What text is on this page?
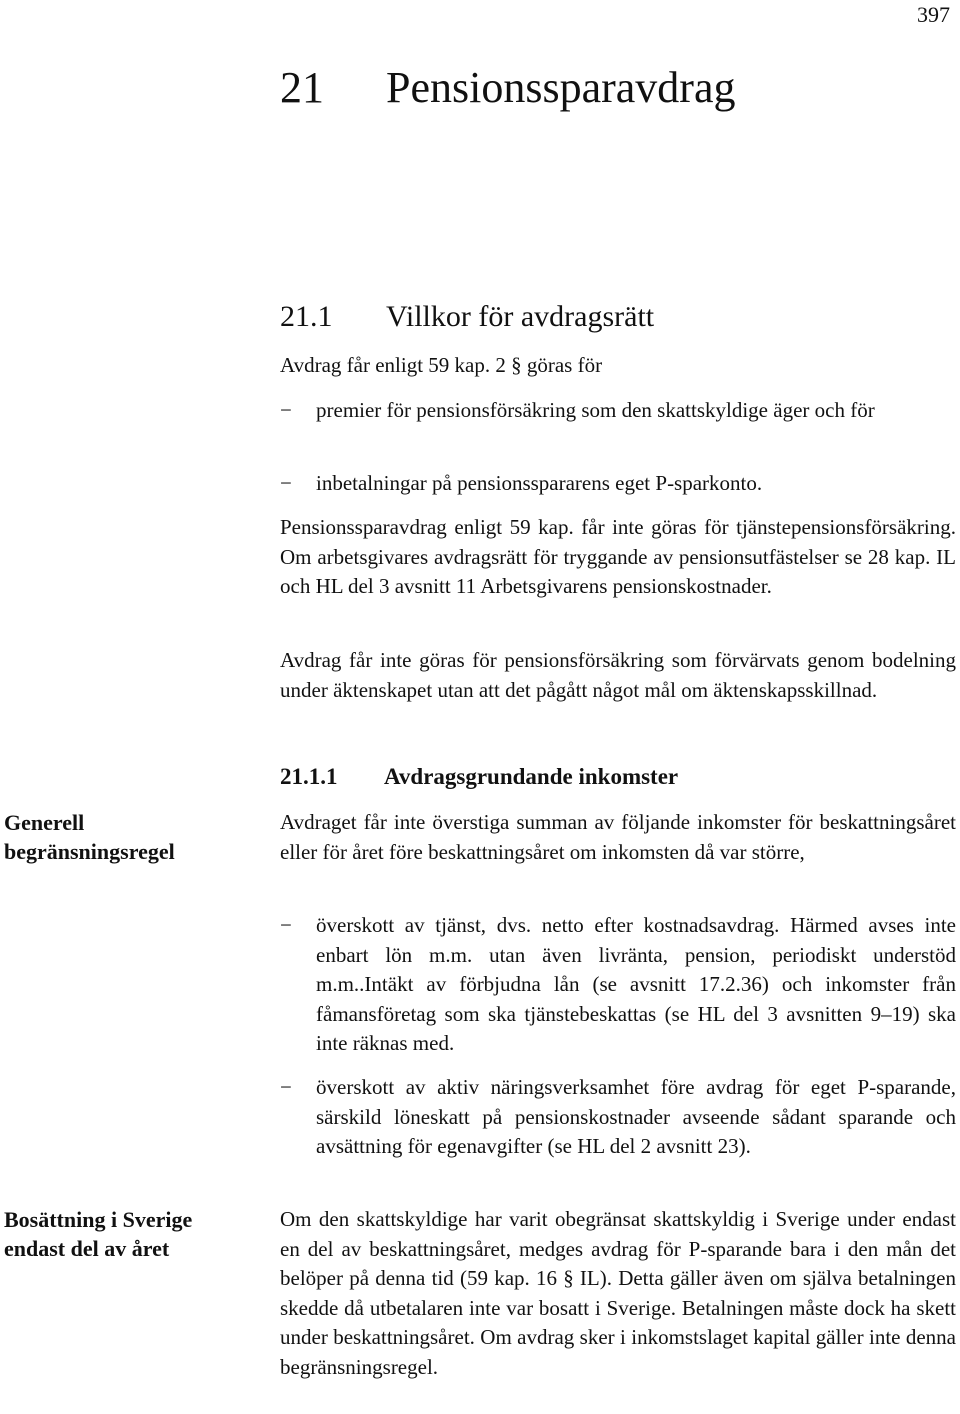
397
21 Pensionssparavdrag
21.1 Villkor för avdragsrätt
Avdrag får enligt 59 kap. 2 § göras för
−	premier för pensionsförsäkring som den skattskyldige äger och för
−	inbetalningar på pensionsspararens eget P-sparkonto.
Pensionssparavdrag enligt 59 kap. får inte göras för tjänstepensionsförsäkring. Om arbetsgivares avdragsrätt för tryggande av pensionsutfästelser se 28 kap. IL och HL del 3 avsnitt 11 Arbetsgivarens pensionskostnader.
Avdrag får inte göras för pensionsförsäkring som förvärvats genom bodelning under äktenskapet utan att det pågått något mål om äktenskapsskillnad.
21.1.1 Avdragsgrundande inkomster
Generell begränsningsregel
Avdraget får inte överstiga summan av följande inkomster för beskattningsåret eller för året före beskattningsåret om inkomsten då var större,
−	överskott av tjänst, dvs. netto efter kostnadsavdrag. Härmed avses inte enbart lön m.m. utan även livränta, pension, periodiskt understöd m.m..Intäkt av förbjudna lån (se avsnitt 17.2.36) och inkomster från fåmansföretag som ska tjänstebeskattas (se HL del 3 avsnitten 9–19) ska inte räknas med.
−	överskott av aktiv näringsverksamhet före avdrag för eget P-sparande, särskild löneskatt på pensionskostnader avseende sådant sparande och avsättning för egenavgifter (se HL del 2 avsnitt 23).
Bosättning i Sverige endast del av året
Om den skattskyldige har varit obegränsat skattskyldig i Sverige under endast en del av beskattningsåret, medges avdrag för P-sparande bara i den mån det belöper på denna tid (59 kap. 16 § IL). Detta gäller även om själva betalningen skedde då utbetalaren inte var bosatt i Sverige. Betalningen måste dock ha skett under beskattningsåret. Om avdrag sker i inkomstslaget kapital gäller inte denna begränsningsregel.
